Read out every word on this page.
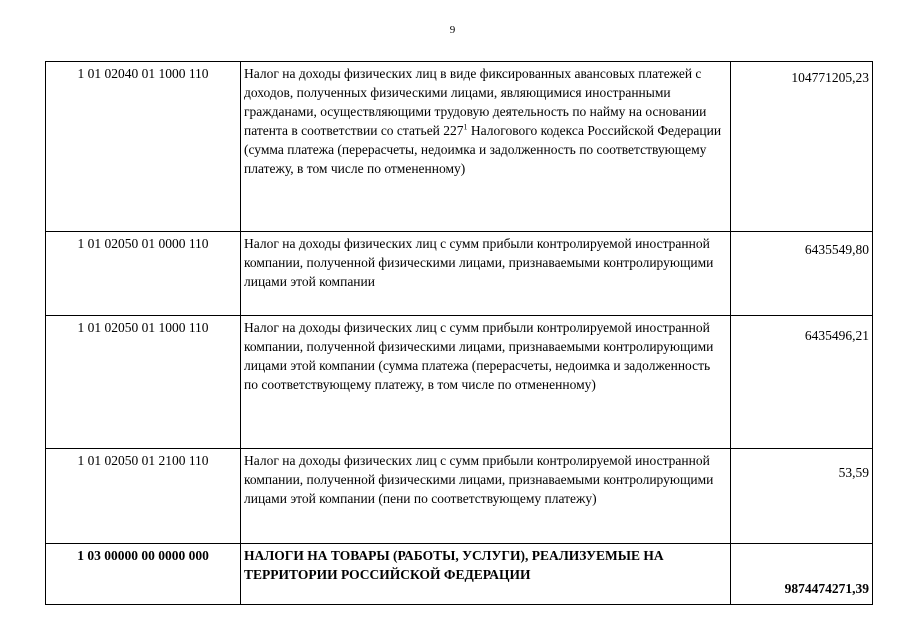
9
1 01 02040 01 1000 110	Налог на доходы физических лиц в виде фиксированных авансовых платежей с доходов, полученных физическими лицами, являющимися иностранными гражданами, осуществляющими трудовую деятельность по найму на основании патента в соответствии со статьей $227^1$ Налогового кодекса Российской Федерации (сумма платежа (перерасчеты, недоимка и задолженность по соответствующему платежу, в том числе по отмененному)	104771205,23
1 01 02050 01 0000 110	Налог на доходы физических лиц с сумм прибыли контролируемой иностранной компании, полученной физическими лицами, признаваемыми контролирующими лицами этой компании	6435549,80
1 01 02050 01 1000 110	Налог на доходы физических лиц с сумм прибыли контролируемой иностранной компании, полученной физическими лицами, признаваемыми контролирующими лицами этой компании (сумма платежа (перерасчеты, недоимка и задолженность по соответствующему платежу, в том числе по отмененному)	6435496,21
1 01 02050 01 2100 110	Налог на доходы физических лиц с сумм прибыли контролируемой иностранной компании, полученной физическими лицами, признаваемыми контролирующими лицами этой компании (пени по соответствующему платежу)	53,59
1 03 00000 00 0000 000	НАЛОГИ НА ТОВАРЫ (РАБОТЫ, УСЛУГИ), РЕАЛИЗУЕМЫЕ НА ТЕРРИТОРИИ РОССИЙСКОЙ ФЕДЕРАЦИИ	9874474271,39
